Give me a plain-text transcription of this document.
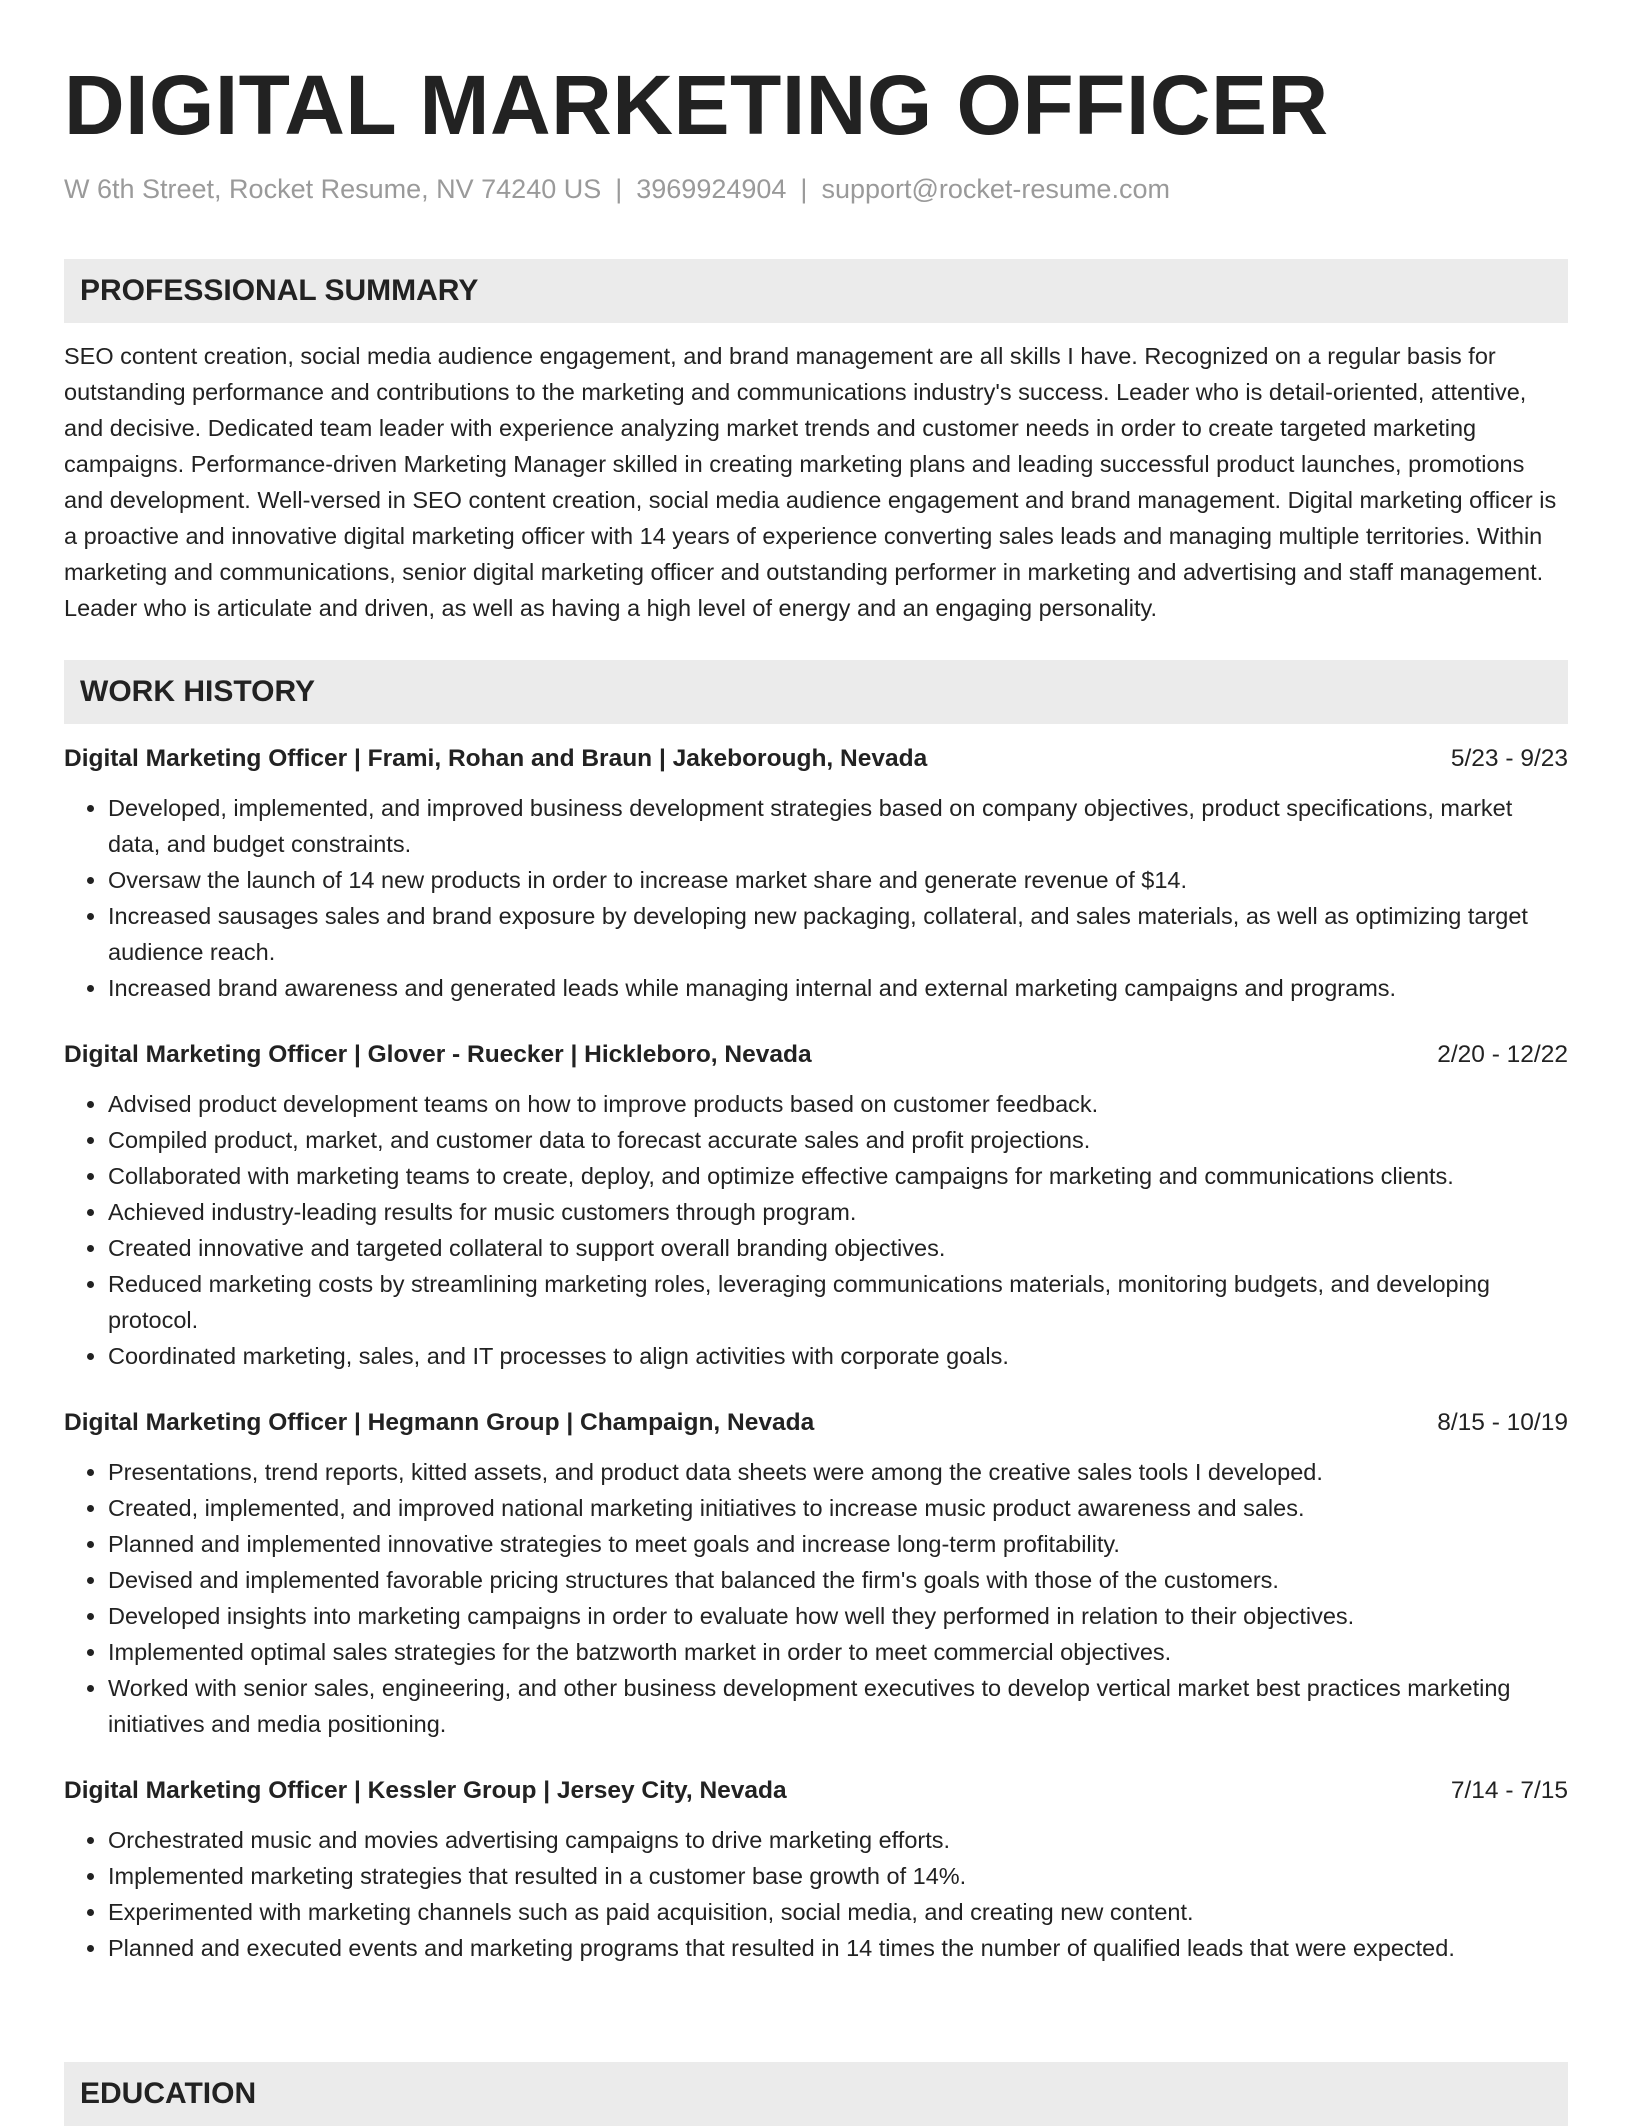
DIGITAL MARKETING OFFICER
W 6th Street, Rocket Resume, NV 74240 US | 3969924904 | support@rocket-resume.com
PROFESSIONAL SUMMARY

SEO content creation, social media audience engagement, and brand management are all skills I have. Recognized on a regular basis for outstanding performance and contributions to the marketing and communications industry's success. Leader who is detail-oriented, attentive, and decisive. Dedicated team leader with experience analyzing market trends and customer needs in order to create targeted marketing campaigns. Performance-driven Marketing Manager skilled in creating marketing plans and leading successful product launches, promotions and development. Well-versed in SEO content creation, social media audience engagement and brand management. Digital marketing officer is a proactive and innovative digital marketing officer with 14 years of experience converting sales leads and managing multiple territories. Within marketing and communications, senior digital marketing officer and outstanding performer in marketing and advertising and staff management. Leader who is articulate and driven, as well as having a high level of energy and an engaging personality.

WORK HISTORY
Digital Marketing Officer | Frami, Rohan and Braun | Jakeborough, Nevada	5/23 - 9/23
• Developed, implemented, and improved business development strategies based on company objectives, product specifications, market data, and budget constraints.
• Oversaw the launch of 14 new products in order to increase market share and generate revenue of $14.
• Increased sausages sales and brand exposure by developing new packaging, collateral, and sales materials, as well as optimizing target audience reach.
• Increased brand awareness and generated leads while managing internal and external marketing campaigns and programs.
Digital Marketing Officer | Glover - Ruecker | Hickleboro, Nevada	2/20 - 12/22
• Advised product development teams on how to improve products based on customer feedback.
• Compiled product, market, and customer data to forecast accurate sales and profit projections.
• Collaborated with marketing teams to create, deploy, and optimize effective campaigns for marketing and communications clients.
• Achieved industry-leading results for music customers through program.
• Created innovative and targeted collateral to support overall branding objectives.
• Reduced marketing costs by streamlining marketing roles, leveraging communications materials, monitoring budgets, and developing protocol.
• Coordinated marketing, sales, and IT processes to align activities with corporate goals.
Digital Marketing Officer | Hegmann Group | Champaign, Nevada	8/15 - 10/19
• Presentations, trend reports, kitted assets, and product data sheets were among the creative sales tools I developed.
• Created, implemented, and improved national marketing initiatives to increase music product awareness and sales.
• Planned and implemented innovative strategies to meet goals and increase long-term profitability.
• Devised and implemented favorable pricing structures that balanced the firm's goals with those of the customers.
• Developed insights into marketing campaigns in order to evaluate how well they performed in relation to their objectives.
• Implemented optimal sales strategies for the batzworth market in order to meet commercial objectives.
• Worked with senior sales, engineering, and other business development executives to develop vertical market best practices marketing initiatives and media positioning.
Digital Marketing Officer | Kessler Group | Jersey City, Nevada	7/14 - 7/15
• Orchestrated music and movies advertising campaigns to drive marketing efforts.
• Implemented marketing strategies that resulted in a customer base growth of 14%.
• Experimented with marketing channels such as paid acquisition, social media, and creating new content.
• Planned and executed events and marketing programs that resulted in 14 times the number of qualified leads that were expected.
EDUCATION
